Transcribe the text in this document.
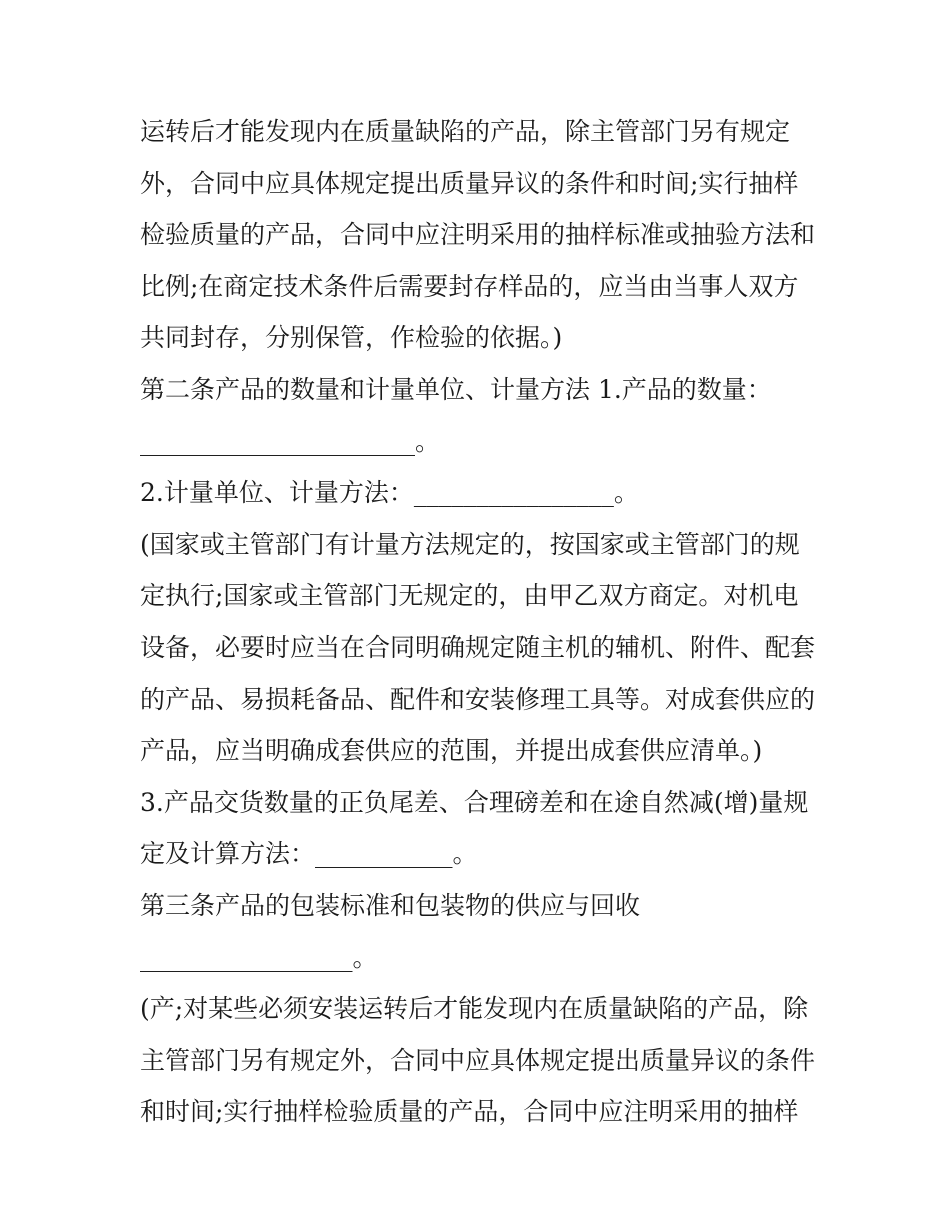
运转后才能发现内在质量缺陷的产品，除主管部门另有规定
外，合同中应具体规定提出质量异议的条件和时间;实行抽样
检验质量的产品，合同中应注明采用的抽样标准或抽验方法和
比例;在商定技术条件后需要封存样品的，应当由当事人双方
共同封存，分别保管，作检验的依据。)
第二条产品的数量和计量单位、计量方法 1.产品的数量：
______________________。
2.计量单位、计量方法：________________。
(国家或主管部门有计量方法规定的，按国家或主管部门的规
定执行;国家或主管部门无规定的，由甲乙双方商定。对机电
设备，必要时应当在合同明确规定随主机的辅机、附件、配套
的产品、易损耗备品、配件和安装修理工具等。对成套供应的
产品，应当明确成套供应的范围，并提出成套供应清单。)
3.产品交货数量的正负尾差、合理磅差和在途自然减(增)量规
定及计算方法：___________。
第三条产品的包装标准和包装物的供应与回收
_________________。
(产;对某些必须安装运转后才能发现内在质量缺陷的产品，除
主管部门另有规定外，合同中应具体规定提出质量异议的条件
和时间;实行抽样检验质量的产品，合同中应注明采用的抽样
